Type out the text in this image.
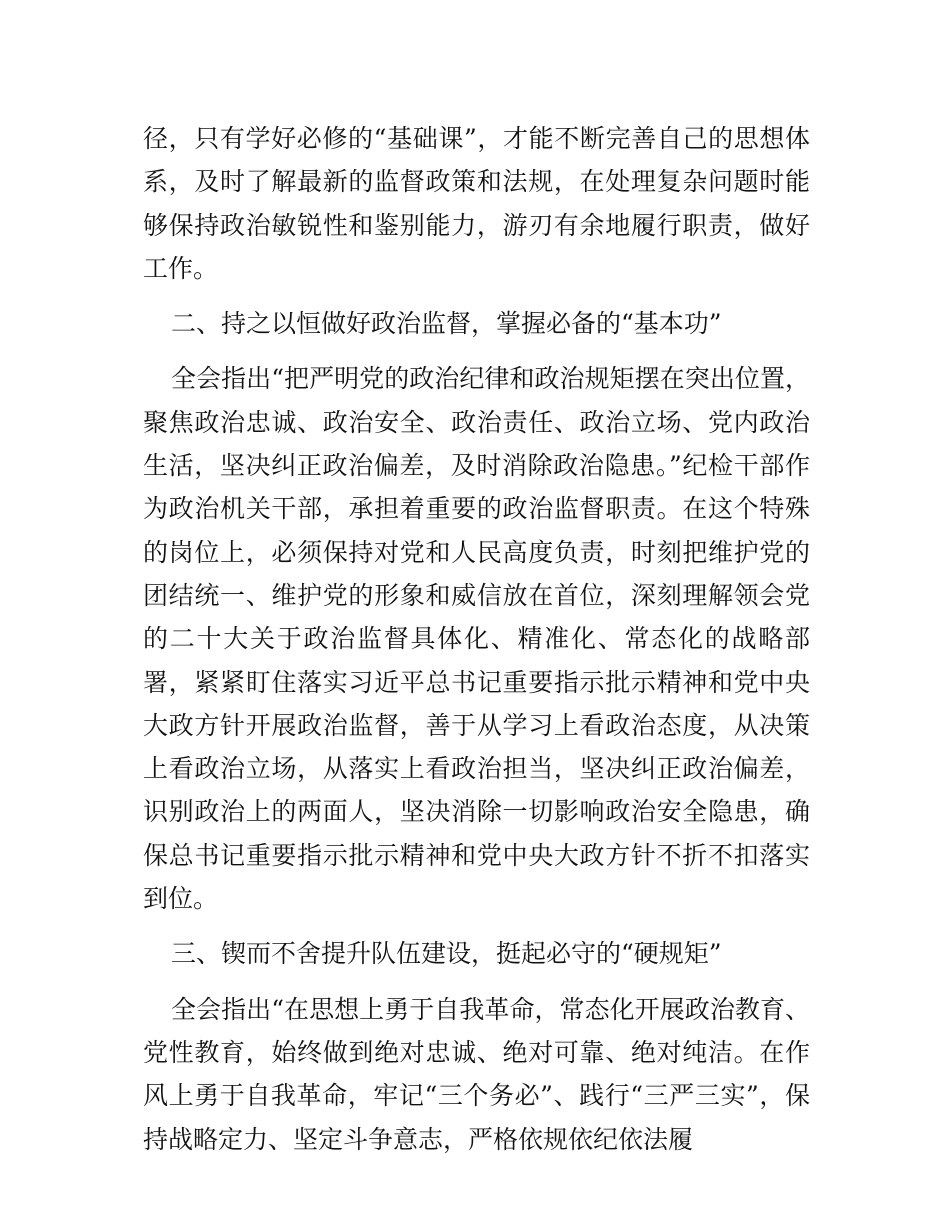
径，只有学好必修的“基础课”，才能不断完善自己的思想体系，及时了解最新的监督政策和法规，在处理复杂问题时能够保持政治敏锐性和鉴别能力，游刃有余地履行职责，做好工作。

二、持之以恒做好政治监督，掌握必备的“基本功”

全会指出“把严明党的政治纪律和政治规矩摆在突出位置，聚焦政治忠诚、政治安全、政治责任、政治立场、党内政治生活，坚决纠正政治偏差，及时消除政治隐患。”纪检干部作为政治机关干部，承担着重要的政治监督职责。在这个特殊的岗位上，必须保持对党和人民高度负责，时刻把维护党的团结统一、维护党的形象和威信放在首位，深刻理解领会党的二十大关于政治监督具体化、精准化、常态化的战略部署，紧紧盯住落实习近平总书记重要指示批示精神和党中央大政方针开展政治监督，善于从学习上看政治态度，从决策上看政治立场，从落实上看政治担当，坚决纠正政治偏差，识别政治上的两面人，坚决消除一切影响政治安全隐患，确保总书记重要指示批示精神和党中央大政方针不折不扣落实到位。

三、锲而不舍提升队伍建设，挺起必守的“硬规矩”

全会指出“在思想上勇于自我革命，常态化开展政治教育、党性教育，始终做到绝对忠诚、绝对可靠、绝对纯洁。在作风上勇于自我革命，牢记“三个务必”、践行“三严三实”，保持战略定力、坚定斗争意志，严格依规依纪依法履
